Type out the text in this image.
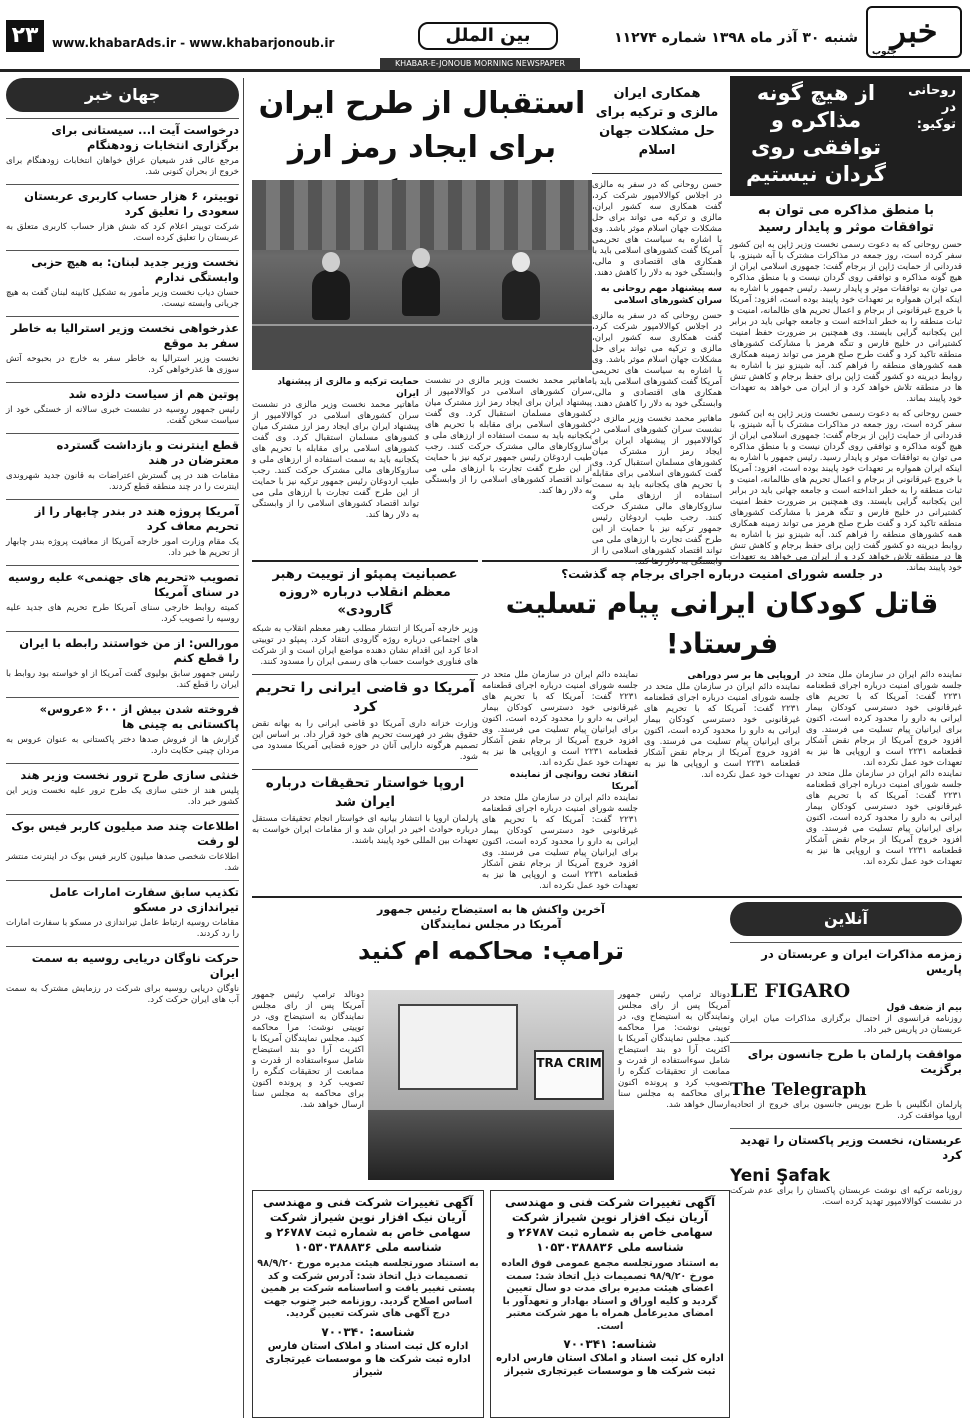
خبر
جنوب
شنبه ۳۰ آذر ماه ۱۳۹۸ شماره ۱۱۲۷۴
بین الملل
www.khabarAds.ir - www.khabarjonoub.ir
۲۳
KHABAR-E-JONOUB MORNING NEWSPAPER
روحانی در توکیو:
از هیچ گونه مذاکره و توافقی روی گردان نیستیم
با منطق مذاکره می توان به توافقات موثر و پایدار رسید

حسن روحانی که به دعوت رسمی نخست وزیر ژاپن به این کشور سفر کرده است، روز جمعه در مذاکرات مشترک با آبه شینزو، با قدردانی از حمایت ژاپن از برجام گفت: جمهوری اسلامی ایران از هیچ گونه مذاکره و توافقی روی گردان نیست و با منطق مذاکره می توان به توافقات موثر و پایدار رسید. رئیس جمهور با اشاره به اینکه ایران همواره بر تعهدات خود پایبند بوده است، افزود: آمریکا با خروج غیرقانونی از برجام و اعمال تحریم های ظالمانه، امنیت و ثبات منطقه را به خطر انداخته است و جامعه جهانی باید در برابر این یکجانبه گرایی بایستد. وی همچنین بر ضرورت حفظ امنیت کشتیرانی در خلیج فارس و تنگه هرمز با مشارکت کشورهای منطقه تاکید کرد و گفت طرح صلح هرمز می تواند زمینه همکاری همه کشورهای منطقه را فراهم کند. آبه شینزو نیز با اشاره به روابط دیرینه دو کشور گفت ژاپن برای حفظ برجام و کاهش تنش ها در منطقه تلاش خواهد کرد و از ایران می خواهد به تعهدات خود پایبند بماند.

حسن روحانی که به دعوت رسمی نخست وزیر ژاپن به این کشور سفر کرده است، روز جمعه در مذاکرات مشترک با آبه شینزو، با قدردانی از حمایت ژاپن از برجام گفت: جمهوری اسلامی ایران از هیچ گونه مذاکره و توافقی روی گردان نیست و با منطق مذاکره می توان به توافقات موثر و پایدار رسید. رئیس جمهور با اشاره به اینکه ایران همواره بر تعهدات خود پایبند بوده است، افزود: آمریکا با خروج غیرقانونی از برجام و اعمال تحریم های ظالمانه، امنیت و ثبات منطقه را به خطر انداخته است و جامعه جهانی باید در برابر این یکجانبه گرایی بایستد. وی همچنین بر ضرورت حفظ امنیت کشتیرانی در خلیج فارس و تنگه هرمز با مشارکت کشورهای منطقه تاکید کرد و گفت طرح صلح هرمز می تواند زمینه همکاری همه کشورهای منطقه را فراهم کند. آبه شینزو نیز با اشاره به روابط دیرینه دو کشور گفت ژاپن برای حفظ برجام و کاهش تنش ها در منطقه تلاش خواهد کرد و از ایران می خواهد به تعهدات خود پایبند بماند.

همکاری ایران مالزی و ترکیه برای حل مشکلات جهان اسلام

حسن روحانی که در سفر به مالزی در اجلاس کوالالامپور شرکت کرد، گفت همکاری سه کشور ایران، مالزی و ترکیه می تواند برای حل مشکلات جهان اسلام موثر باشد. وی با اشاره به سیاست های تحریمی آمریکا گفت کشورهای اسلامی باید با همکاری های اقتصادی و مالی، وابستگی خود به دلار را کاهش دهند.

سه پیشنهاد مهم روحانی به سران کشورهای اسلامی

حسن روحانی که در سفر به مالزی در اجلاس کوالالامپور شرکت کرد، گفت همکاری سه کشور ایران، مالزی و ترکیه می تواند برای حل مشکلات جهان اسلام موثر باشد. وی با اشاره به سیاست های تحریمی آمریکا گفت کشورهای اسلامی باید با همکاری های اقتصادی و مالی، وابستگی خود به دلار را کاهش دهند.

ماهاتیر محمد نخست وزیر مالزی در نشست سران کشورهای اسلامی در کوالالامپور از پیشنهاد ایران برای ایجاد رمز ارز مشترک میان کشورهای مسلمان استقبال کرد. وی گفت کشورهای اسلامی برای مقابله با تحریم های یکجانبه باید به سمت استفاده از ارزهای ملی و سازوکارهای مالی مشترک حرکت کنند. رجب طیب اردوغان رئیس جمهور ترکیه نیز با حمایت از این طرح گفت تجارت با ارزهای ملی می تواند اقتصاد کشورهای اسلامی را از وابستگی به دلار رها کند.

استقبال از طرح ایران برای ایجاد رمز ارز

ماهاتیر محمد نخست وزیر مالزی در نشست سران کشورهای اسلامی در کوالالامپور از پیشنهاد ایران برای ایجاد رمز ارز مشترک میان کشورهای مسلمان استقبال کرد. وی گفت کشورهای اسلامی برای مقابله با تحریم های یکجانبه باید به سمت استفاده از ارزهای ملی و سازوکارهای مالی مشترک حرکت کنند. رجب طیب اردوغان رئیس جمهور ترکیه نیز با حمایت از این طرح گفت تجارت با ارزهای ملی می تواند اقتصاد کشورهای اسلامی را از وابستگی به دلار رها کند.

حمایت ترکیه و مالزی از پیشنهاد ایران

ماهاتیر محمد نخست وزیر مالزی در نشست سران کشورهای اسلامی در کوالالامپور از پیشنهاد ایران برای ایجاد رمز ارز مشترک میان کشورهای مسلمان استقبال کرد. وی گفت کشورهای اسلامی برای مقابله با تحریم های یکجانبه باید به سمت استفاده از ارزهای ملی و سازوکارهای مالی مشترک حرکت کنند. رجب طیب اردوغان رئیس جمهور ترکیه نیز با حمایت از این طرح گفت تجارت با ارزهای ملی می تواند اقتصاد کشورهای اسلامی را از وابستگی به دلار رها کند.

جهان خبر
درخواست آیت ا... سیستانی برای برگزاری انتخابات زودهنگام

مرجع عالی قدر شیعیان عراق خواهان انتخابات زودهنگام برای خروج از بحران کنونی شد.

توییتر، ۶ هزار حساب کاربری عربستان سعودی را تعلیق کرد

شرکت توییتر اعلام کرد که شش هزار حساب کاربری متعلق به عربستان را تعلیق کرده است.

نخست وزیر جدید لبنان: به هیچ حزبی وابستگی ندارم

حسان دیاب نخست وزیر مأمور به تشکیل کابینه لبنان گفت به هیچ جریانی وابسته نیست.

عذرخواهی نخست وزیر استرالیا به خاطر سفر بد موقع

نخست وزیر استرالیا به خاطر سفر به خارج در بحبوحه آتش سوزی ها عذرخواهی کرد.

پوتین هم از سیاست دلزده شد

رئیس جمهور روسیه در نشست خبری سالانه از خستگی خود از سیاست سخن گفت.

قطع اینترنت و بازداشت گسترده معترضان در هند

مقامات هند در پی گسترش اعتراضات به قانون جدید شهروندی اینترنت را در چند منطقه قطع کردند.

آمریکا پروژه هند در بندر چابهار را از تحریم معاف کرد

یک مقام وزارت امور خارجه آمریکا از معافیت پروژه بندر چابهار از تحریم ها خبر داد.

تصویب «تحریم های جهنمی» علیه روسیه در سنای آمریکا

کمیته روابط خارجی سنای آمریکا طرح تحریم های جدید علیه روسیه را تصویب کرد.

مورالس: از من خواستند رابطه با ایران را قطع کنم

رئیس جمهور سابق بولیوی گفت آمریکا از او خواسته بود روابط با ایران را قطع کند.

فروخته شدن بیش از ۶۰۰ «عروس» پاکستانی به چینی ها

گزارش ها از فروش صدها دختر پاکستانی به عنوان عروس به مردان چینی حکایت دارد.

خنثی سازی طرح ترور نخست وزیر هند

پلیس هند از خنثی سازی یک طرح ترور علیه نخست وزیر این کشور خبر داد.

اطلاعات چند صد میلیون کاربر فیس بوک لو رفت

اطلاعات شخصی صدها میلیون کاربر فیس بوک در اینترنت منتشر شد.

تکذیب سابق سفارت امارات عامل تیراندازی در مسکو

مقامات روسیه ارتباط عامل تیراندازی در مسکو با سفارت امارات را رد کردند.

حرکت ناوگان دریایی روسیه به سمت ایران

ناوگان دریایی روسیه برای شرکت در رزمایش مشترک به سمت آب های ایران حرکت کرد.

در جلسه شورای امنیت درباره اجرای برجام چه گذشت؟
قاتل کودکان ایرانی پیام تسلیت فرستاد!

نماینده دائم ایران در سازمان ملل متحد در جلسه شورای امنیت درباره اجرای قطعنامه ۲۲۳۱ گفت: آمریکا که با تحریم های غیرقانونی خود دسترسی کودکان بیمار ایرانی به دارو را محدود کرده است، اکنون برای ایرانیان پیام تسلیت می فرستد. وی افزود خروج آمریکا از برجام نقض آشکار قطعنامه ۲۲۳۱ است و اروپایی ها نیز به تعهدات خود عمل نکرده اند.

نماینده دائم ایران در سازمان ملل متحد در جلسه شورای امنیت درباره اجرای قطعنامه ۲۲۳۱ گفت: آمریکا که با تحریم های غیرقانونی خود دسترسی کودکان بیمار ایرانی به دارو را محدود کرده است، اکنون برای ایرانیان پیام تسلیت می فرستد. وی افزود خروج آمریکا از برجام نقض آشکار قطعنامه ۲۲۳۱ است و اروپایی ها نیز به تعهدات خود عمل نکرده اند.

اروپایی ها بر سر دوراهی

نماینده دائم ایران در سازمان ملل متحد در جلسه شورای امنیت درباره اجرای قطعنامه ۲۲۳۱ گفت: آمریکا که با تحریم های غیرقانونی خود دسترسی کودکان بیمار ایرانی به دارو را محدود کرده است، اکنون برای ایرانیان پیام تسلیت می فرستد. وی افزود خروج آمریکا از برجام نقض آشکار قطعنامه ۲۲۳۱ است و اروپایی ها نیز به تعهدات خود عمل نکرده اند.

نماینده دائم ایران در سازمان ملل متحد در جلسه شورای امنیت درباره اجرای قطعنامه ۲۲۳۱ گفت: آمریکا که با تحریم های غیرقانونی خود دسترسی کودکان بیمار ایرانی به دارو را محدود کرده است، اکنون برای ایرانیان پیام تسلیت می فرستد. وی افزود خروج آمریکا از برجام نقض آشکار قطعنامه ۲۲۳۱ است و اروپایی ها نیز به تعهدات خود عمل نکرده اند.

انتقاد تخت روانچی از نماینده آمریکا

نماینده دائم ایران در سازمان ملل متحد در جلسه شورای امنیت درباره اجرای قطعنامه ۲۲۳۱ گفت: آمریکا که با تحریم های غیرقانونی خود دسترسی کودکان بیمار ایرانی به دارو را محدود کرده است، اکنون برای ایرانیان پیام تسلیت می فرستد. وی افزود خروج آمریکا از برجام نقض آشکار قطعنامه ۲۲۳۱ است و اروپایی ها نیز به تعهدات خود عمل نکرده اند.

عصبانیت پمپئو از توییت رهبر معظم انقلاب درباره «روزه گارودی»

وزیر خارجه آمریکا از انتشار مطلب رهبر معظم انقلاب به شبکه های اجتماعی درباره روژه گارودی انتقاد کرد. پمپئو در توییتی ادعا کرد این اقدام نشان دهنده مواضع ایران است و از شرکت های فناوری خواست حساب های رسمی ایران را مسدود کنند.

آمریکا دو قاضی ایرانی را تحریم کرد

وزارت خزانه داری آمریکا دو قاضی ایرانی را به بهانه نقض حقوق بشر در فهرست تحریم های خود قرار داد. بر اساس این تصمیم هرگونه دارایی آنان در حوزه قضایی آمریکا مسدود می شود.

اروپا خواستار تحقیقات درباره ایران شد

پارلمان اروپا با انتشار بیانیه ای خواستار انجام تحقیقات مستقل درباره حوادث اخیر در ایران شد و از مقامات ایران خواست به تعهدات بین المللی خود پایبند باشند.

آنلاین
زمزمه مذاکرات ایران و عربستان در پاریس
LE FIGARO
بیم از ضعف قول

روزنامه فرانسوی از احتمال برگزاری مذاکرات میان ایران و عربستان در پاریس خبر داد.

موافقت پارلمان با طرح جانسون برای برگزیت
The Telegraph

پارلمان انگلیس با طرح بوریس جانسون برای خروج از اتحادیه اروپا موافقت کرد.

عربستان، نخست وزیر پاکستان را تهدید کرد
Yeni Şafak

روزنامه ترکیه ای نوشت عربستان پاکستان را برای عدم شرکت در نشست کوالالامپور تهدید کرده است.

آخرین واکنش ها به استیضاح رئیس جمهور آمریکا در مجلس نمایندگان
ترامپ: محاکمه ام کنید
TRA CRIM

دونالد ترامپ رئیس جمهور آمریکا پس از رای مجلس نمایندگان به استیضاح وی، در توییتی نوشت: مرا محاکمه کنید. مجلس نمایندگان آمریکا با اکثریت آرا دو بند استیضاح شامل سوءاستفاده از قدرت و ممانعت از تحقیقات کنگره را تصویب کرد و پرونده اکنون برای محاکمه به مجلس سنا ارسال خواهد شد.

دونالد ترامپ رئیس جمهور آمریکا پس از رای مجلس نمایندگان به استیضاح وی، در توییتی نوشت: مرا محاکمه کنید. مجلس نمایندگان آمریکا با اکثریت آرا دو بند استیضاح شامل سوءاستفاده از قدرت و ممانعت از تحقیقات کنگره را تصویب کرد و پرونده اکنون برای محاکمه به مجلس سنا ارسال خواهد شد.

آگهی تغییرات شرکت فنی و مهندسی آریان نیک افزار نوین شیراز شرکت سهامی خاص به شماره ثبت ۲۶۷۸۷ و شناسه ملی ۱۰۵۳۰۳۸۸۸۳۶

به استناد صورتجلسه مجمع عمومی فوق العاده مورخ ۹۸/۹/۲۰ تصمیمات ذیل اتخاذ شد: سمت اعضای هیئت مدیره برای مدت دو سال تعیین گردید و کلیه اوراق و اسناد بهادار و تعهدآور با امضای مدیرعامل همراه با مهر شرکت معتبر است.

شناسه: ۷۰۰۳۴۱
اداره کل ثبت اسناد و املاک استان فارس اداره ثبت شرکت ها و موسسات غیرتجاری شیراز
آگهی تغییرات شرکت فنی و مهندسی آریان نیک افزار نوین شیراز شرکت سهامی خاص به شماره ثبت ۲۶۷۸۷ و شناسه ملی ۱۰۵۳۰۳۸۸۸۳۶

به استناد صورتجلسه هیئت مدیره مورخ ۹۸/۹/۲۰ تصمیمات ذیل اتخاذ شد: آدرس شرکت و کد پستی تغییر یافت و اساسنامه شرکت بر همین اساس اصلاح گردید. روزنامه خبر جنوب جهت درج آگهی های شرکت تعیین گردید.

شناسه: ۷۰۰۳۴۰
اداره کل ثبت اسناد و املاک استان فارس اداره ثبت شرکت ها و موسسات غیرتجاری شیراز
